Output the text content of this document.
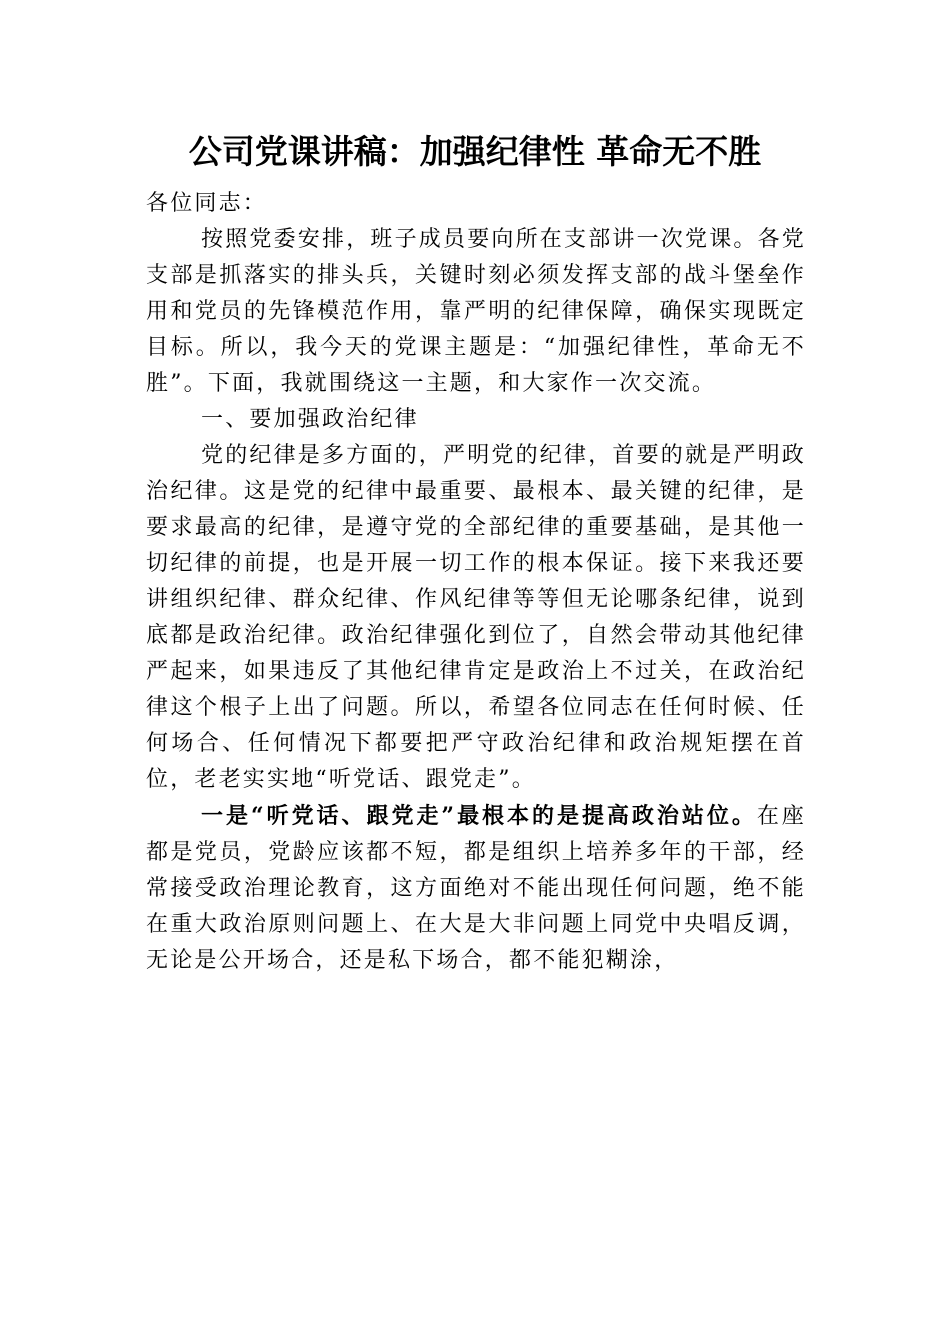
公司党课讲稿：加强纪律性 革命无不胜

各位同志：

按照党委安排，班子成员要向所在支部讲一次党课。各党支部是抓落实的排头兵，关键时刻必须发挥支部的战斗堡垒作用和党员的先锋模范作用，靠严明的纪律保障，确保实现既定目标。所以，我今天的党课主题是：“加强纪律性，革命无不胜”。下面，我就围绕这一主题，和大家作一次交流。

一、要加强政治纪律

党的纪律是多方面的，严明党的纪律，首要的就是严明政治纪律。这是党的纪律中最重要、最根本、最关键的纪律，是要求最高的纪律，是遵守党的全部纪律的重要基础，是其他一切纪律的前提，也是开展一切工作的根本保证。接下来我还要讲组织纪律、群众纪律、作风纪律等等但无论哪条纪律，说到底都是政治纪律。政治纪律强化到位了，自然会带动其他纪律严起来，如果违反了其他纪律肯定是政治上不过关，在政治纪律这个根子上出了问题。所以，希望各位同志在任何时候、任何场合、任何情况下都要把严守政治纪律和政治规矩摆在首位，老老实实地“听党话、跟党走”。

一是“听党话、跟党走”最根本的是提高政治站位。在座都是党员，党龄应该都不短，都是组织上培养多年的干部，经常接受政治理论教育，这方面绝对不能出现任何问题，绝不能在重大政治原则问题上、在大是大非问题上同党中央唱反调，无论是公开场合，还是私下场合，都不能犯糊涂，
